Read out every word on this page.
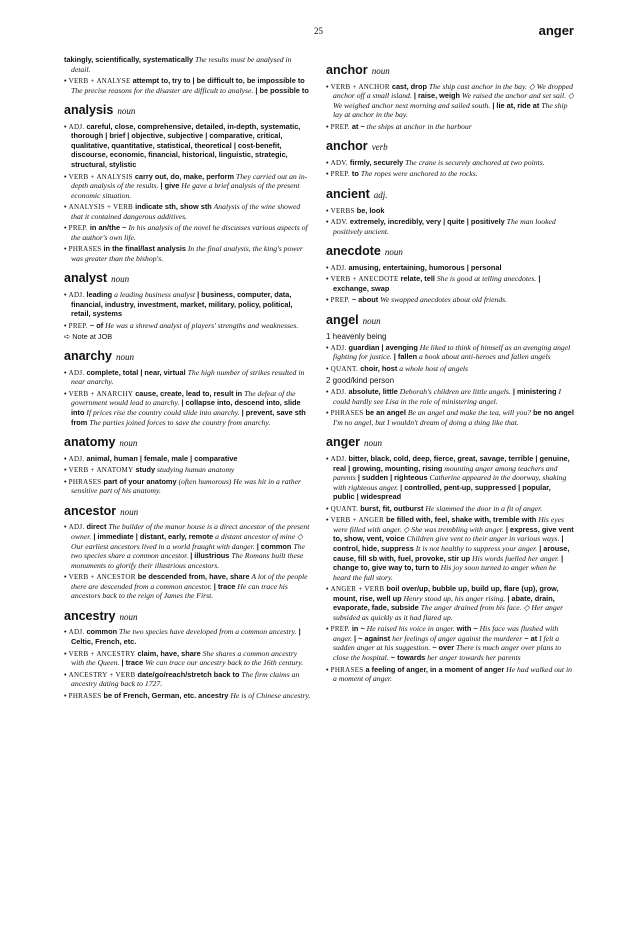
25	anger
takingly, scientifically, systematically The results must be analysed in detail.
• VERB + ANALYSE attempt to, try to | be difficult to, be impossible to The precise reasons for the disaster are difficult to analyse. | be possible to
analysis noun
• ADJ. careful, close, comprehensive, detailed, in-depth, systematic, thorough | brief | objective, subjective | comparative, critical, qualitative, quantitative, statistical, theoretical | cost-benefit, discourse, economic, financial, historical, linguistic, strategic, structural, stylistic
• VERB + ANALYSIS carry out, do, make, perform They carried out an in-depth analysis of the results. | give He gave a brief analysis of the present economic situation.
• ANALYSIS + VERB indicate sth, show sth Analysis of the wine showed that it contained dangerous additives.
• PREP. in an/the ~ In his analysis of the novel he discusses various aspects of the author's own life.
• PHRASES in the final/last analysis In the final analysis, the king's power was greater than the bishop's.
analyst noun
• ADJ. leading a leading business analyst | business, computer, data, financial, industry, investment, market, military, policy, political, retail, systems
• PREP. ~ of He was a shrewd analyst of players' strengths and weaknesses.
➪ Note at JOB
anarchy noun
• ADJ. complete, total | near, virtual The high number of strikes resulted in near anarchy.
• VERB + ANARCHY cause, create, lead to, result in The defeat of the government would lead to anarchy. | collapse into, descend into, slide into If prices rise the country could slide into anarchy. | prevent, save sth from The parties joined forces to save the country from anarchy.
anatomy noun
• ADJ. animal, human | female, male | comparative
• VERB + ANATOMY study studying human anatomy
• PHRASES part of your anatomy (often humorous) He was hit in a rather sensitive part of his anatomy.
ancestor noun
• ADJ. direct The builder of the manor house is a direct ancestor of the present owner. | immediate | distant, early, remote a distant ancestor of mine ◇ Our earliest ancestors lived in a world fraught with danger. | common The two species share a common ancestor. | illustrious The Romans built these monuments to glorify their illustrious ancestors.
• VERB + ANCESTOR be descended from, have, share A lot of the people there are descended from a common ancestor. | trace He can trace his ancestors back to the reign of James the First.
ancestry noun
• ADJ. common The two species have developed from a common ancestry. | Celtic, French, etc.
• VERB + ANCESTRY claim, have, share She shares a common ancestry with the Queen. | trace We can trace our ancestry back to the 16th century.
• ANCESTRY + VERB date/go/reach/stretch back to The firm claims an ancestry dating back to 1727.
• PHRASES be of French, German, etc. ancestry He is of Chinese ancestry.
anchor noun
• VERB + ANCHOR cast, drop The ship cast anchor in the bay. ◇ We dropped anchor off a small island. | raise, weigh We raised the anchor and set sail. ◇ We weighed anchor next morning and sailed south. | lie at, ride at The ship lay at anchor in the bay.
• PREP. at ~ the ships at anchor in the harbour
anchor verb
• ADV. firmly, securely The crane is securely anchored at two points.
• PREP. to The ropes were anchored to the rocks.
ancient adj.
• VERBS be, look
• ADV. extremely, incredibly, very | quite | positively The man looked positively ancient.
anecdote noun
• ADJ. amusing, entertaining, humorous | personal
• VERB + ANECDOTE relate, tell She is good at telling anecdotes. | exchange, swap
• PREP. ~ about We swapped anecdotes about old friends.
angel noun
1 heavenly being
• ADJ. guardian | avenging He liked to think of himself as an avenging angel fighting for justice. | fallen a book about anti-heroes and fallen angels
• QUANT. choir, host a whole host of angels
2 good/kind person
• ADJ. absolute, little Deborah's children are little angels. | ministering I could hardly see Lisa in the role of ministering angel.
• PHRASES be an angel Be an angel and make the tea, will you? be no angel I'm no angel, but I wouldn't dream of doing a thing like that.
anger noun
• ADJ. bitter, black, cold, deep, fierce, great, savage, terrible | genuine, real | growing, mounting, rising mounting anger among teachers and parents | sudden | righteous Catherine appeared in the doorway, shaking with righteous anger. | controlled, pent-up, suppressed | popular, public | widespread
• QUANT. burst, fit, outburst He slammed the door in a fit of anger.
• VERB + ANGER be filled with, feel, shake with, tremble with His eyes were filled with anger. ◇ She was trembling with anger. | express, give vent to, show, vent, voice Children give vent to their anger in various ways. | control, hide, suppress It is not healthy to suppress your anger. | arouse, cause, fill sb with, fuel, provoke, stir up His words fuelled her anger. | change to, give way to, turn to His joy soon turned to anger when he heard the full story.
• ANGER + VERB boil over/up, bubble up, build up, flare (up), grow, mount, rise, well up Henry stood up, his anger rising. | abate, drain, evaporate, fade, subside The anger drained from his face. ◇ Her anger subsided as quickly as it had flared up.
• PREP. in ~ He raised his voice in anger. with ~ His face was flushed with anger. | ~ against her feelings of anger against the murderer ~ at I felt a sudden anger at his suggestion. ~ over There is much anger over plans to close the hospital. ~ towards her anger towards her parents
• PHRASES a feeling of anger, in a moment of anger He had walked out in a moment of anger.
